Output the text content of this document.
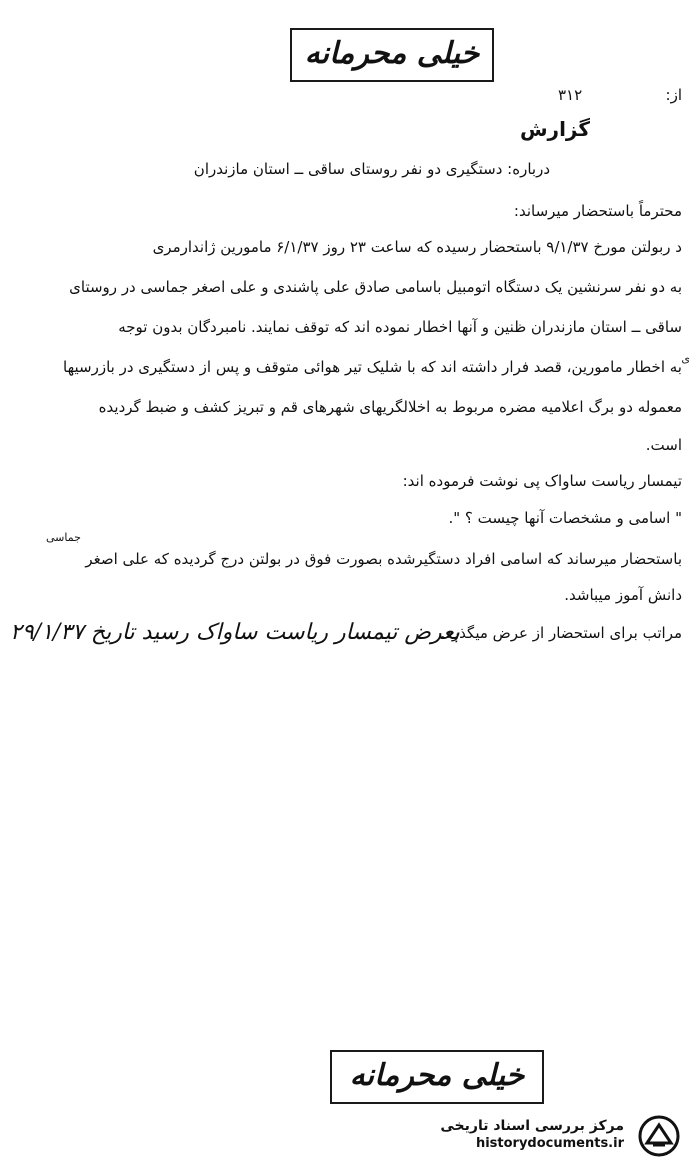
خیلی محرمانه
از:
۳۱۲
گزارش
درباره: دستگیری دو نفر روستای ساقی ــ استان مازندران
محترماً باستحضار میرساند:
د ربولتن مورخ ۹/۱/۳۷ باستحضار رسیده که ساعت ۲۳ روز ۶/۱/۳۷ مامورین ژاندارمری
به دو نفر سرنشین یک دستگاه اتومبیل باسامی صادق علی پاشندی و علی اصغر جماسی در روستای
ساقی ــ استان مازندران ظنین و آنها اخطار نموده اند که توقف نمایند. نامبردگان بدون توجه
ی
به اخطار مامورین، قصد فرار داشته اند که با شلیک تیر هوائی متوقف و پس از دستگیری در بازرسیها
معموله دو برگ اعلامیه مضره مربوط به اخلالگریهای شهرهای قم و تبریز کشف و ضبط گردیده
است.
تیمسار ریاست ساواک پی نوشت فرموده اند:
" اسامی و مشخصات آنها چیست ؟ ".
جماسی
باستحضار میرساند که اسامی افراد دستگیرشده بصورت فوق در بولتن درج گردیده که علی اصغر
دانش آموز میباشد.
مراتب برای استحضار از عرض میگذرد.
بعرض تیمسار ریاست ساواک رسید تاریخ ۲۹/۱/۳۷
خیلی محرمانه
مرکز بررسی اسناد تاریخی
historydocuments.ir
